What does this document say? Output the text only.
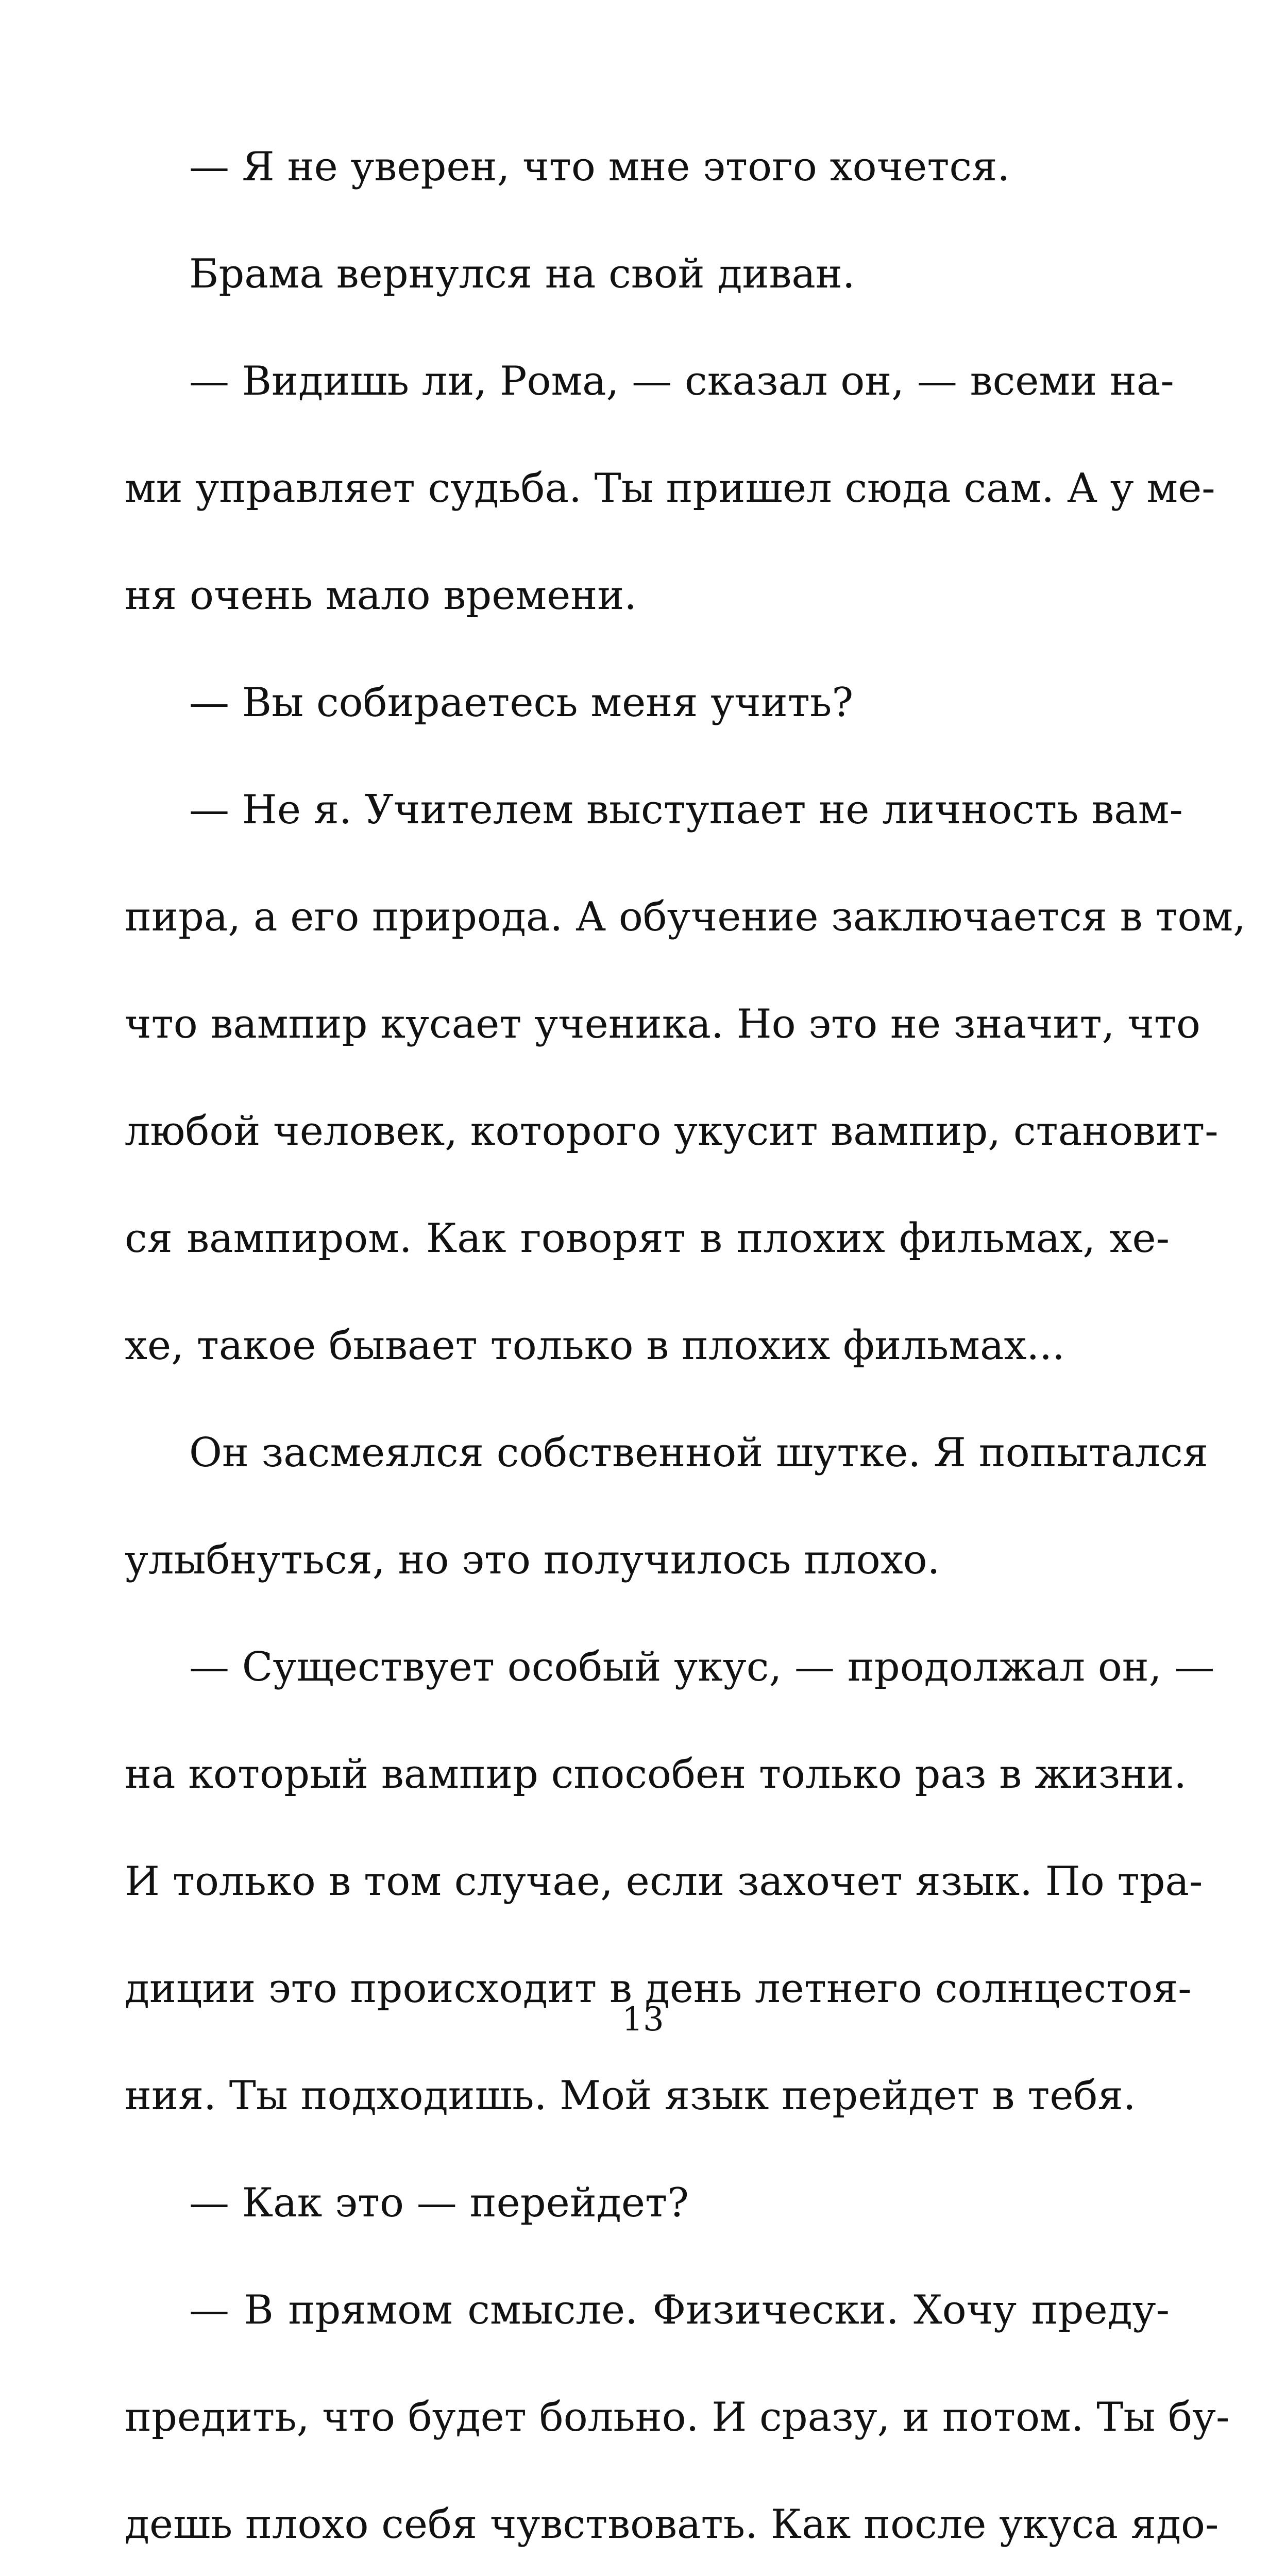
— Я не уверен, что мне этого хочется.
Брама вернулся на свой диван.
— Видишь ли, Рома, — сказал он, — всеми на-
ми управляет судьба. Ты пришел сюда сам. А у ме-
ня очень мало времени.
— Вы собираетесь меня учить?
— Не я. Учителем выступает не личность вам-
пира, а его природа. А обучение заключается в том,
что вампир кусает ученика. Но это не значит, что
любой человек, которого укусит вампир, становит-
ся вампиром. Как говорят в плохих фильмах, хе-
хе, такое бывает только в плохих фильмах...
Он засмеялся собственной шутке. Я попытался
улыбнуться, но это получилось плохо.
— Существует особый укус, — продолжал он, —
на который вампир способен только раз в жизни.
И только в том случае, если захочет язык. По тра-
диции это происходит в день летнего солнцестоя-
ния. Ты подходишь. Мой язык перейдет в тебя.
— Как это — перейдет?
— В прямом смысле. Физически. Хочу преду-
предить, что будет больно. И сразу, и потом. Ты бу-
дешь плохо себя чувствовать. Как после укуса ядо-
13
